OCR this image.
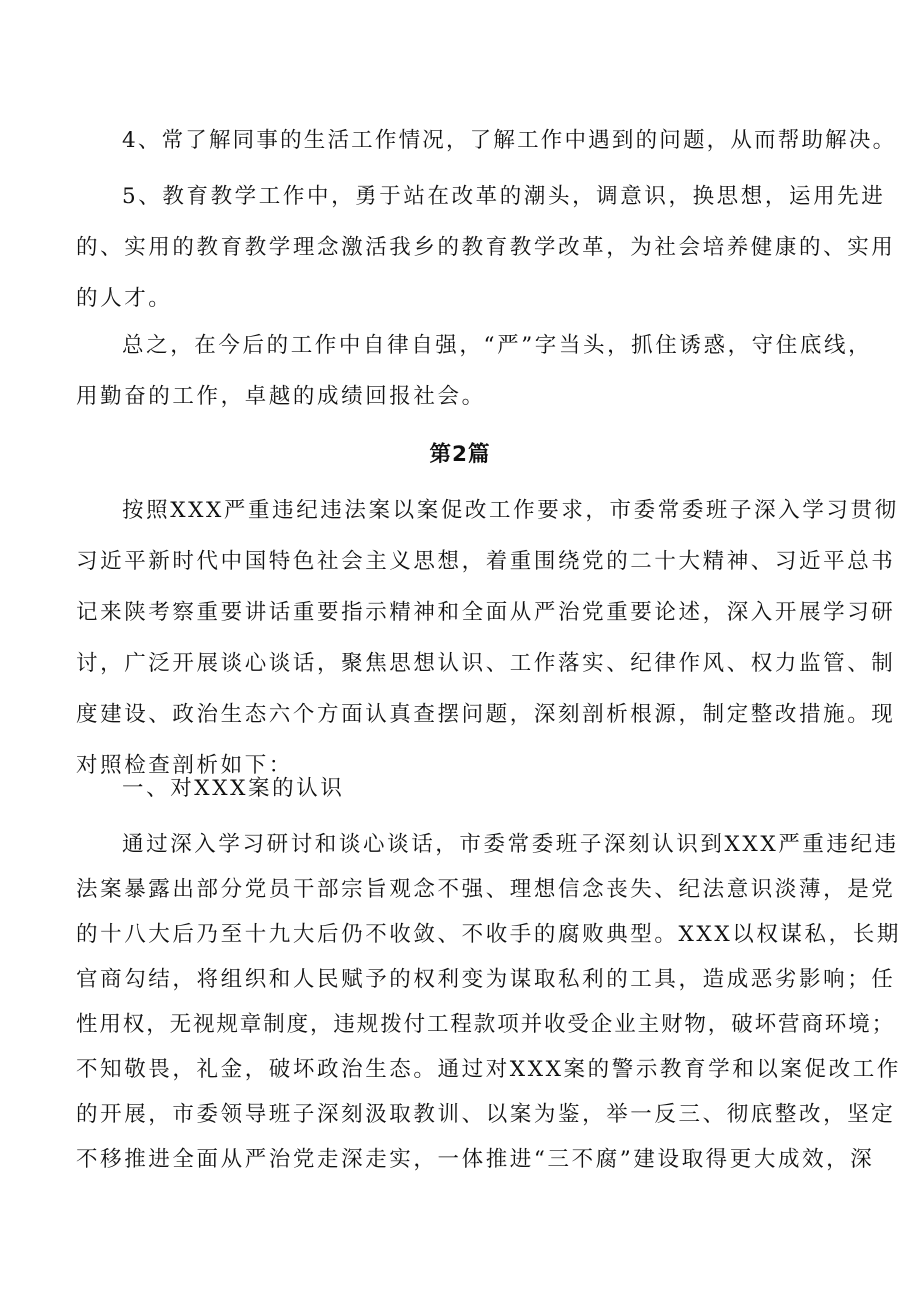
4、常了解同事的生活工作情况，了解工作中遇到的问题，从而帮助解决。

5、教育教学工作中，勇于站在改革的潮头，调意识，换思想，运用先进
的、实用的教育教学理念激活我乡的教育教学改革，为社会培养健康的、实用
的人才。

总之，在今后的工作中自律自强，“严”字当头，抓住诱惑，守住底线，
用勤奋的工作，卓越的成绩回报社会。

第2篇

按照XXX严重违纪违法案以案促改工作要求，市委常委班子深入学习贯彻
习近平新时代中国特色社会主义思想，着重围绕党的二十大精神、习近平总书
记来陕考察重要讲话重要指示精神和全面从严治党重要论述，深入开展学习研
讨，广泛开展谈心谈话，聚焦思想认识、工作落实、纪律作风、权力监管、制
度建设、政治生态六个方面认真查摆问题，深刻剖析根源，制定整改措施。现
对照检查剖析如下：

一、对XXX案的认识

通过深入学习研讨和谈心谈话，市委常委班子深刻认识到XXX严重违纪违
法案暴露出部分党员干部宗旨观念不强、理想信念丧失、纪法意识淡薄，是党
的十八大后乃至十九大后仍不收敛、不收手的腐败典型。XXX以权谋私，长期
官商勾结，将组织和人民赋予的权利变为谋取私利的工具，造成恶劣影响；任
性用权，无视规章制度，违规拨付工程款项并收受企业主财物，破坏营商环境；
不知敬畏，礼金，破坏政治生态。通过对XXX案的警示教育学和以案促改工作
的开展，市委领导班子深刻汲取教训、以案为鉴，举一反三、彻底整改，坚定
不移推进全面从严治党走深走实，一体推进“三不腐”建设取得更大成效，深
